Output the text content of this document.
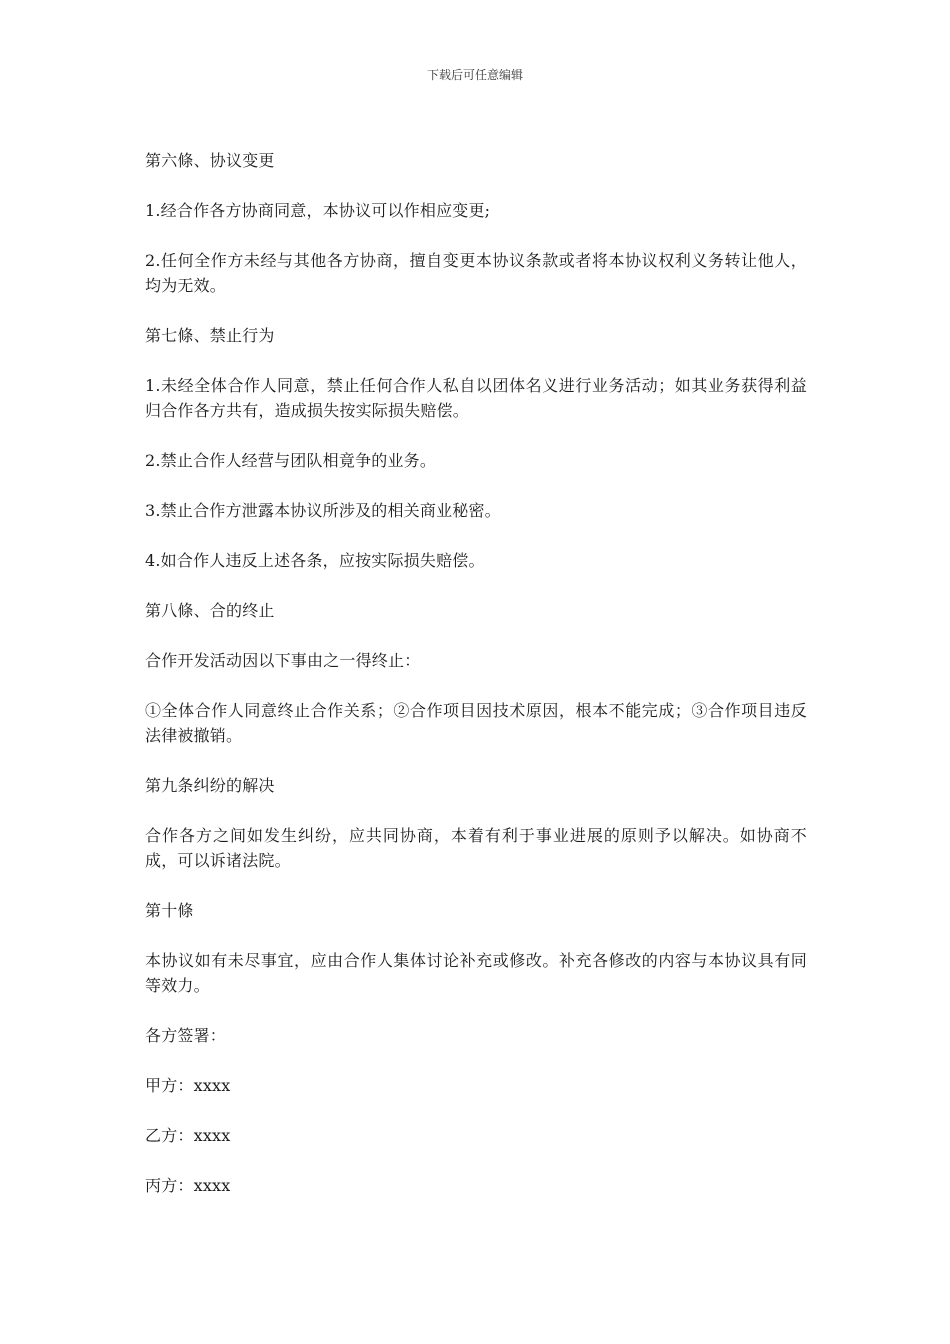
下载后可任意编辑

第六條、协议变更

1.经合作各方协商同意，本协议可以作相应变更;

2.任何全作方未经与其他各方协商，擅自变更本协议条款或者将本协议权利义务转让他人，均为无效。

第七條、禁止行为

1.未经全体合作人同意，禁止任何合作人私自以团体名义进行业务活动；如其业务获得利益归合作各方共有，造成损失按实际损失赔偿。

2.禁止合作人经营与团队相竟争的业务。

3.禁止合作方泄露本协议所涉及的相关商业秘密。

4.如合作人违反上述各条，应按实际损失赔偿。

第八條、合的终止

合作开发活动因以下事由之一得终止：

①全体合作人同意终止合作关系；②合作项目因技术原因，根本不能完成；③合作项目违反法律被撤销。

第九条纠纷的解决

合作各方之间如发生纠纷，应共同协商，本着有利于事业进展的原则予以解决。如协商不成，可以诉诸法院。

第十條

本协议如有未尽事宜，应由合作人集体讨论补充或修改。补充各修改的内容与本协议具有同等效力。

各方签署：

甲方：xxxx

乙方：xxxx

丙方：xxxx
